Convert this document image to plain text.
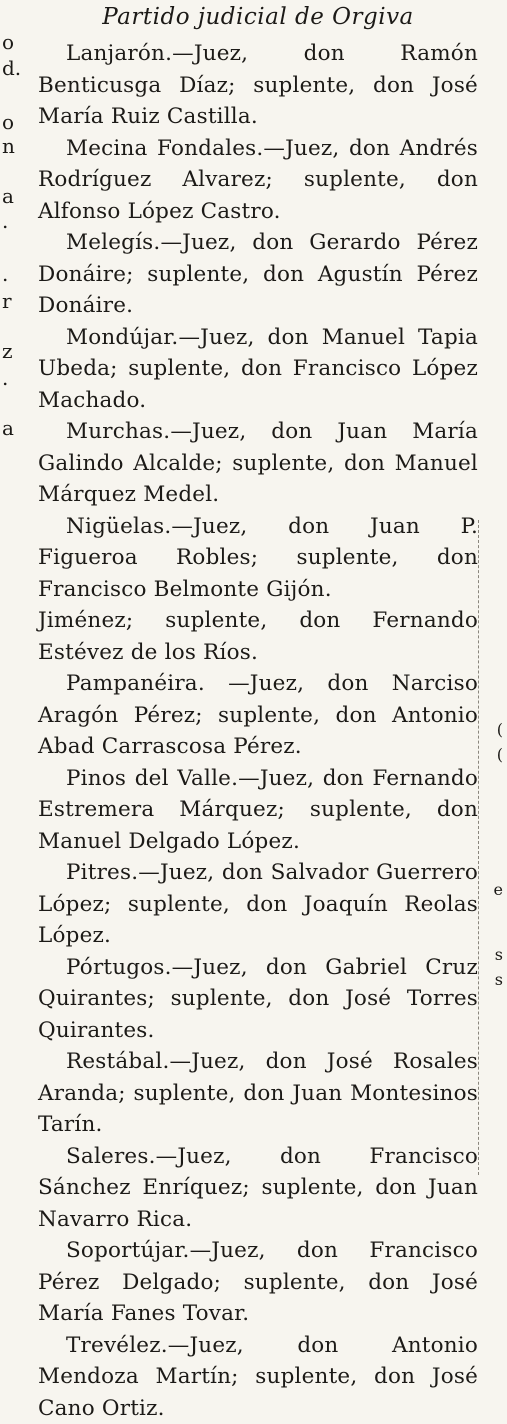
o
d.
o
n
a
.
.
r
z
.
a
(
(
e
s
s
Partido judicial de Orgiva

Lanjarón.—Juez, don Ramón Benticusga Díaz; suplente, don José María Ruiz Castilla.

Mecina Fondales.—Juez, don Andrés Rodríguez Alvarez; suplente, don Alfonso López Castro.

Melegís.—Juez, don Gerardo Pérez Donáire; suplente, don Agustín Pérez Donáire.

Mondújar.—Juez, don Manuel Tapia Ubeda; suplente, don Francisco López Machado.

Murchas.—Juez, don Juan María Galindo Alcalde; suplente, don Manuel Márquez Medel.

Nigüelas.—Juez, don Juan P. Figueroa Robles; suplente, don Francisco Belmonte Gijón.

Jiménez; suplente, don Fernando Estévez de los Ríos.

Pampanéira. —Juez, don Narciso Aragón Pérez; suplente, don Antonio Abad Carrascosa Pérez.

Pinos del Valle.—Juez, don Fernando Estremera Márquez; suplente, don Manuel Delgado López.

Pitres.—Juez, don Salvador Guerrero López; suplente, don Joaquín Reolas López.

Pórtugos.—Juez, don Gabriel Cruz Quirantes; suplente, don José Torres Quirantes.

Restábal.—Juez, don José Rosales Aranda; suplente, don Juan Montesinos Tarín.

Saleres.—Juez, don Francisco Sánchez Enríquez; suplente, don Juan Navarro Rica.

Soportújar.—Juez, don Francisco Pérez Delgado; suplente, don José María Fanes Tovar.

Trevélez.—Juez, don Antonio Mendoza Martín; suplente, don José Cano Ortiz.
